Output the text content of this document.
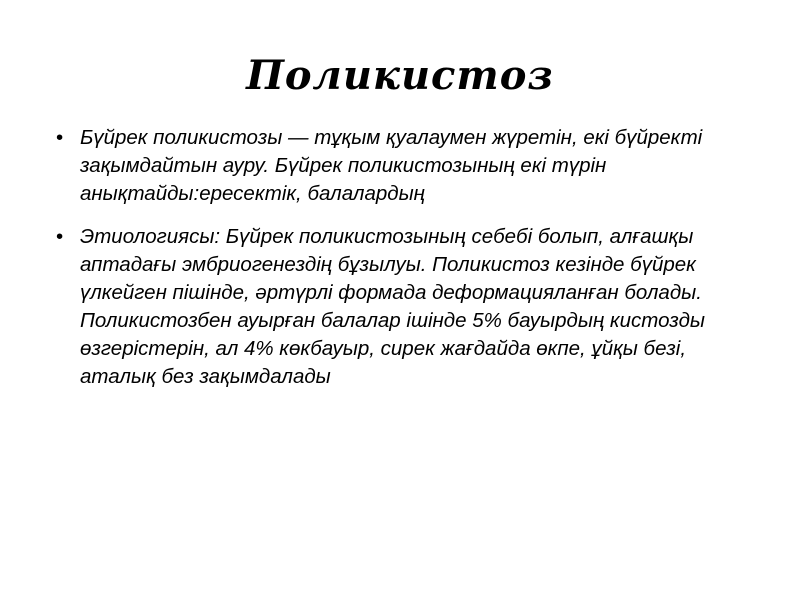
Поликистоз
• Бүйрек поликистозы — тұқым қуалаумен жүретін, екі бүйректі зақымдайтын ауру. Бүйрек поликистозының екі түрін анықтайды:ересектік, балалардың
• Этиологиясы: Бүйрек поликистозының себебі болып, алғашқы аптадағы эмбриогенездің бұзылуы. Поликистоз кезінде бүйрек үлкейген пішінде, әртүрлі формада деформацияланған болады. Поликистозбен ауырған балалар ішінде 5% бауырдың кистозды өзгерістерін, ал 4% көкбауыр, сирек жағдайда өкпе, ұйқы безі, аталық без зақымдалады
